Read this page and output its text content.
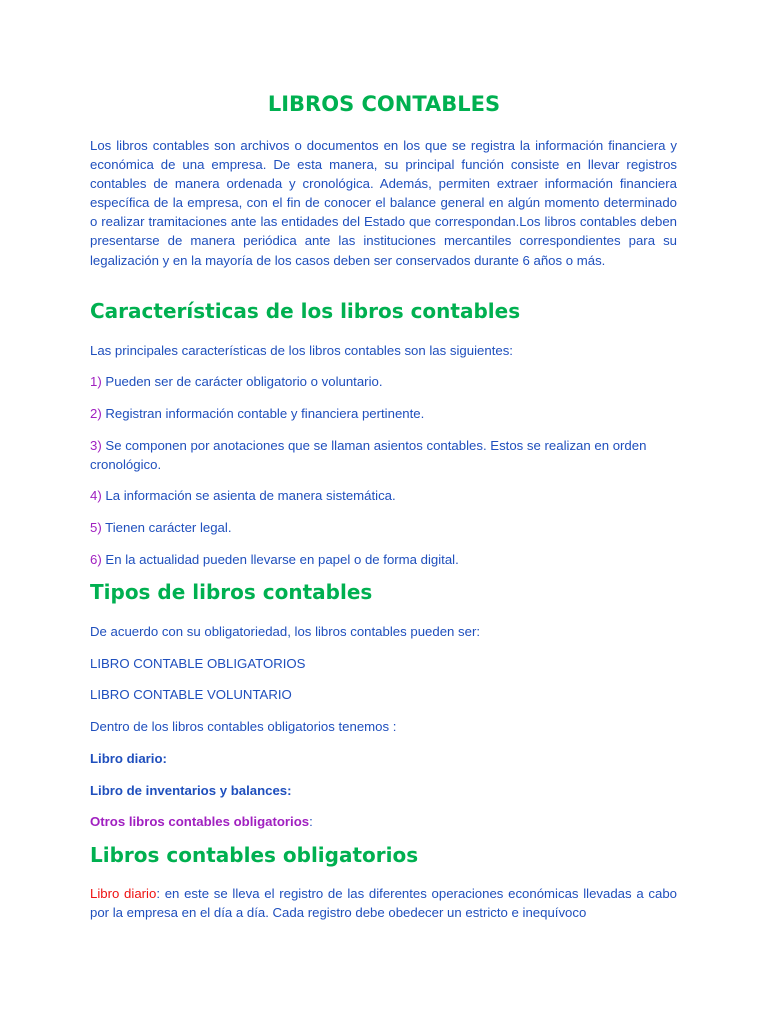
LIBROS CONTABLES

Los libros contables son archivos o documentos en los que se registra la información financiera y económica de una empresa. De esta manera, su principal función consiste en llevar registros contables de manera ordenada y cronológica. Además, permiten extraer información financiera específica de la empresa, con el fin de conocer el balance general en algún momento determinado o realizar tramitaciones ante las entidades del Estado que correspondan.Los libros contables deben presentarse de manera periódica ante las instituciones mercantiles correspondientes para su legalización y en la mayoría de los casos deben ser conservados durante 6 años o más.

Características de los libros contables

Las principales características de los libros contables son las siguientes:

1) Pueden ser de carácter obligatorio o voluntario.

2) Registran información contable y financiera pertinente.

3) Se componen por anotaciones que se llaman asientos contables. Estos se realizan en orden cronológico.

4) La información se asienta de manera sistemática.

5) Tienen carácter legal.

6) En la actualidad pueden llevarse en papel o de forma digital.

Tipos de libros contables

De acuerdo con su obligatoriedad, los libros contables pueden ser:

LIBRO CONTABLE OBLIGATORIOS

LIBRO CONTABLE VOLUNTARIO

Dentro de los libros contables obligatorios tenemos :

Libro diario:

Libro de inventarios y balances:

Otros libros contables obligatorios:

Libros contables obligatorios

Libro diario: en este se lleva el registro de las diferentes operaciones económicas llevadas a cabo por la empresa en el día a día. Cada registro debe obedecer un estricto e inequívoco
